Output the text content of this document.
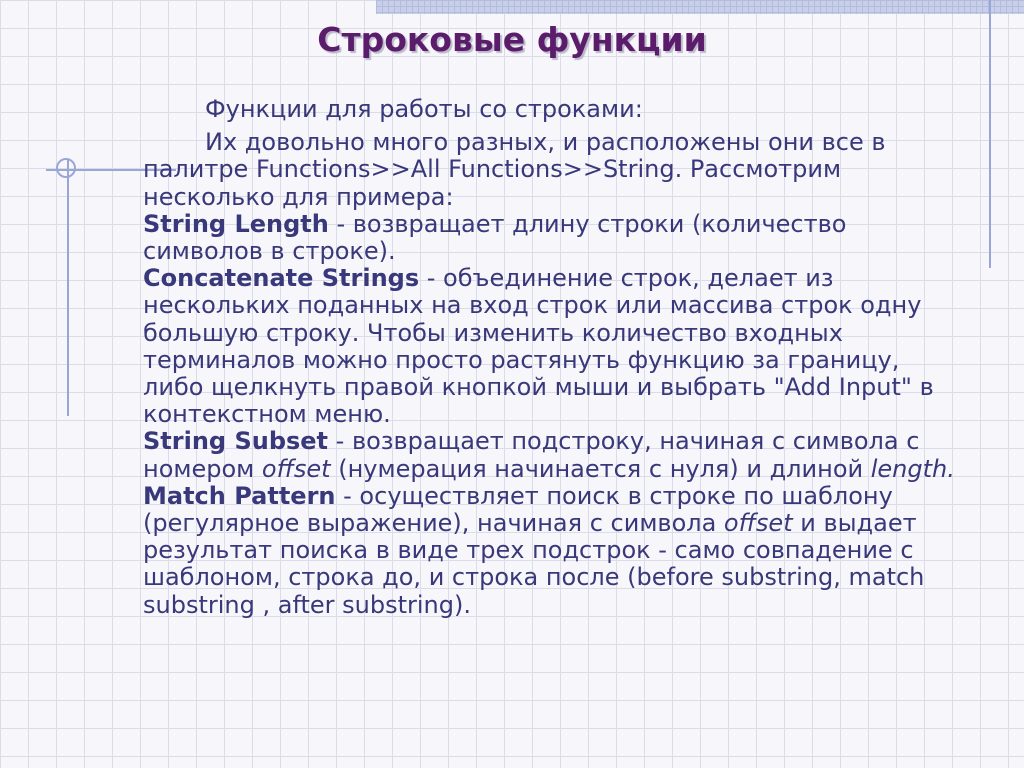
Строковые функции

Функции для работы со строками:

Их довольно много разных, и расположены они все в палитре Functions>>All Functions>>String. Рассмотрим несколько для примера:

String Length - возвращает длину строки (количество символов в строке).

Concatenate Strings - объединение строк, делает из нескольких поданных на вход строк или массива строк одну большую строку. Чтобы изменить количество входных терминалов можно просто растянуть функцию за границу, либо щелкнуть правой кнопкой мыши и выбрать "Add Input" в контекстном меню.

String Subset - возвращает подстроку, начиная с символа с номером offset (нумерация начинается с нуля) и длиной length.

Match Pattern - осуществляет поиск в строке по шаблону (регулярное выражение), начиная с символа offset и выдает результат поиска в виде трех подстрок - само совпадение с шаблоном, строка до, и строка после (before substring, match substring , after substring).
